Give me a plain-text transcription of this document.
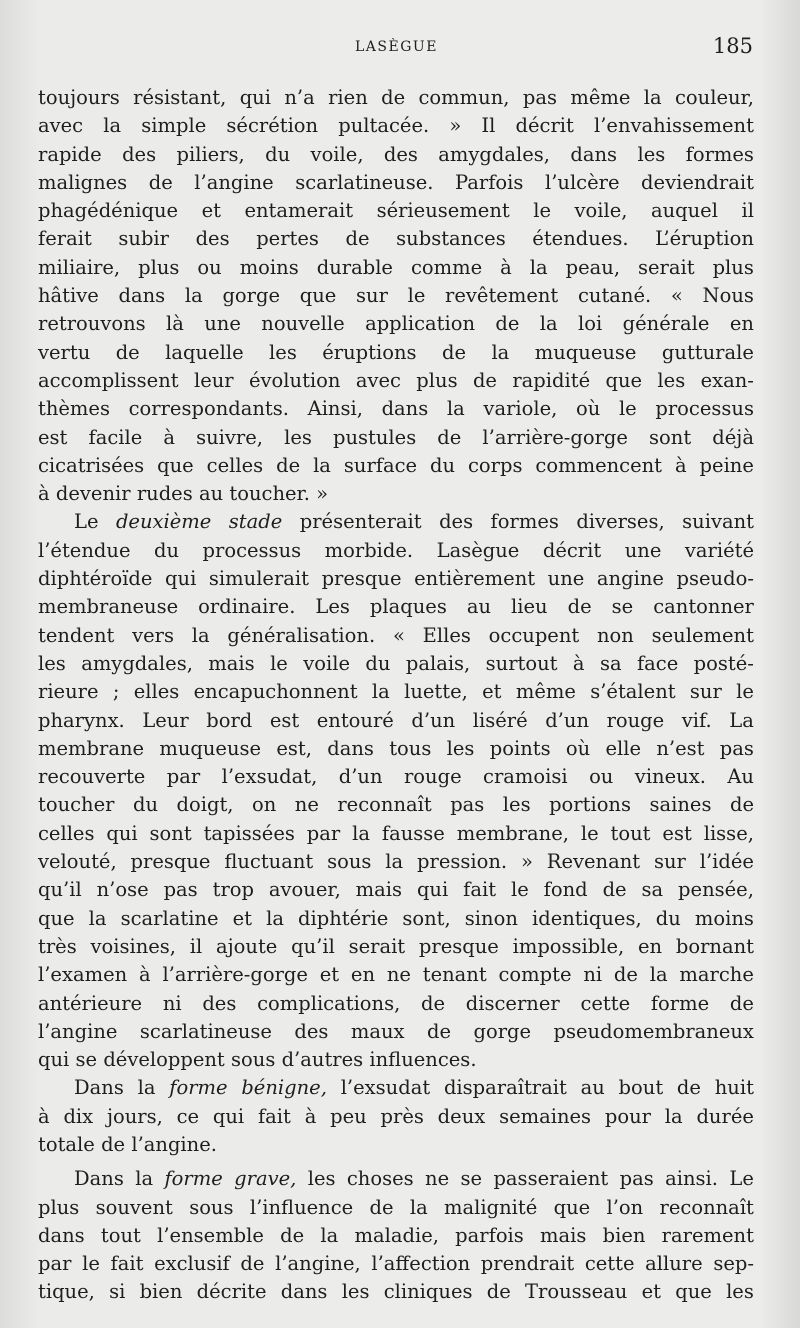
LASÈGUE	185
toujours résistant, qui n’a rien de commun, pas même la couleur,
avec la simple sécrétion pultacée. » Il décrit l’envahissement
rapide des piliers, du voile, des amygdales, dans les formes
malignes de l’angine scarlatineuse. Parfois l’ulcère deviendrait
phagédénique et entamerait sérieusement le voile, auquel il
ferait subir des pertes de substances étendues. L’éruption
miliaire, plus ou moins durable comme à la peau, serait plus
hâtive dans la gorge que sur le revêtement cutané. « Nous
retrouvons là une nouvelle application de la loi générale en
vertu de laquelle les éruptions de la muqueuse gutturale
accomplissent leur évolution avec plus de rapidité que les exan-
thèmes correspondants. Ainsi, dans la variole, où le processus
est facile à suivre, les pustules de l’arrière-gorge sont déjà
cicatrisées que celles de la surface du corps commencent à peine
à devenir rudes au toucher. »
Le deuxième stade présenterait des formes diverses, suivant
l’étendue du processus morbide. Lasègue décrit une variété
diphtéroïde qui simulerait presque entièrement une angine pseudo-
membraneuse ordinaire. Les plaques au lieu de se cantonner
tendent vers la généralisation. « Elles occupent non seulement
les amygdales, mais le voile du palais, surtout à sa face posté-
rieure ; elles encapuchonnent la luette, et même s’étalent sur le
pharynx. Leur bord est entouré d’un liséré d’un rouge vif. La
membrane muqueuse est, dans tous les points où elle n’est pas
recouverte par l’exsudat, d’un rouge cramoisi ou vineux. Au
toucher du doigt, on ne reconnaît pas les portions saines de
celles qui sont tapissées par la fausse membrane, le tout est lisse,
velouté, presque fluctuant sous la pression. » Revenant sur l’idée
qu’il n’ose pas trop avouer, mais qui fait le fond de sa pensée,
que la scarlatine et la diphtérie sont, sinon identiques, du moins
très voisines, il ajoute qu’il serait presque impossible, en bornant
l’examen à l’arrière-gorge et en ne tenant compte ni de la marche
antérieure ni des complications, de discerner cette forme de
l’angine scarlatineuse des maux de gorge pseudomembraneux
qui se développent sous d’autres influences.
Dans la forme bénigne, l’exsudat disparaîtrait au bout de huit
à dix jours, ce qui fait à peu près deux semaines pour la durée
totale de l’angine.
Dans la forme grave, les choses ne se passeraient pas ainsi. Le
plus souvent sous l’influence de la malignité que l’on reconnaît
dans tout l’ensemble de la maladie, parfois mais bien rarement
par le fait exclusif de l’angine, l’affection prendrait cette allure sep-
tique, si bien décrite dans les cliniques de Trousseau et que les
